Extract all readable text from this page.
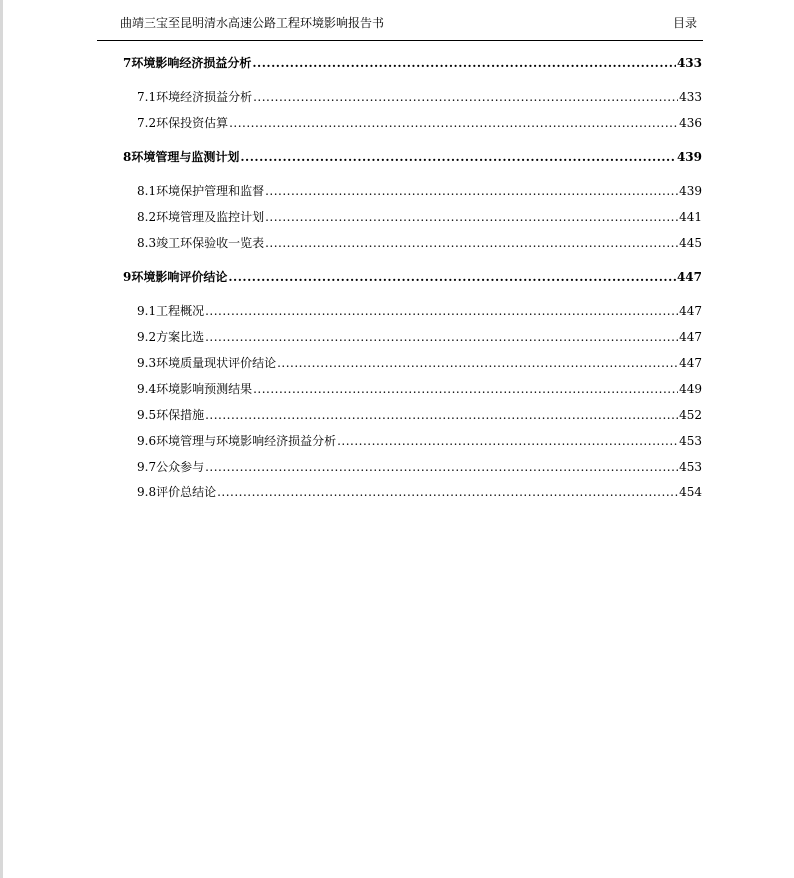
曲靖三宝至昆明清水高速公路工程环境影响报告书	目录
7 环境影响经济损益分析 .....	433
7.1 环境经济损益分析 .....	433
7.2 环保投资估算 .....	436
8 环境管理与监测计划 .....	439
8.1 环境保护管理和监督 .....	439
8.2 环境管理及监控计划 .....	441
8.3 竣工环保验收一览表 .....	445
9 环境影响评价结论 .....	447
9.1 工程概况 .....	447
9.2 方案比选 .....	447
9.3 环境质量现状评价结论 .....	447
9.4 环境影响预测结果 .....	449
9.5 环保措施 .....	452
9.6 环境管理与环境影响经济损益分析 .....	453
9.7 公众参与 .....	453
9.8 评价总结论 .....	454
